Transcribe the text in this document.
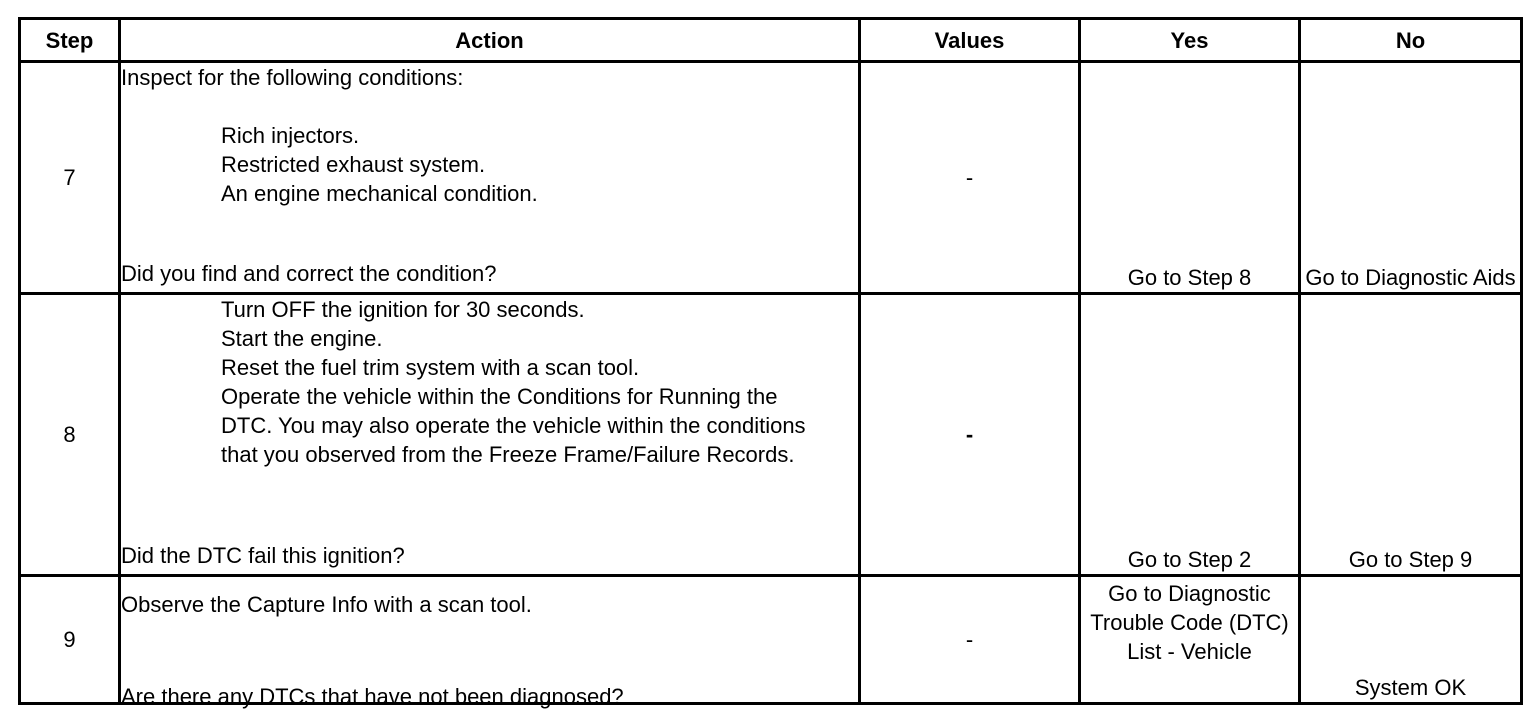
Step	Action	Values	Yes	No
7	Inspect for the following conditions:
Rich injectors.
Restricted exhaust system.
An engine mechanical condition.
Did you find and correct the condition?	-	Go to Step 8	Go to Diagnostic Aids
8	Turn OFF the ignition for 30 seconds.
Start the engine.
Reset the fuel trim system with a scan tool.
Operate the vehicle within the Conditions for Running the DTC. You may also operate the vehicle within the conditions that you observed from the Freeze Frame/Failure Records.
Did the DTC fail this ignition?	-	Go to Step 2	Go to Step 9
9	Observe the Capture Info with a scan tool.
Are there any DTCs that have not been diagnosed?	-	Go to Diagnostic Trouble Code (DTC) List - Vehicle	System OK
